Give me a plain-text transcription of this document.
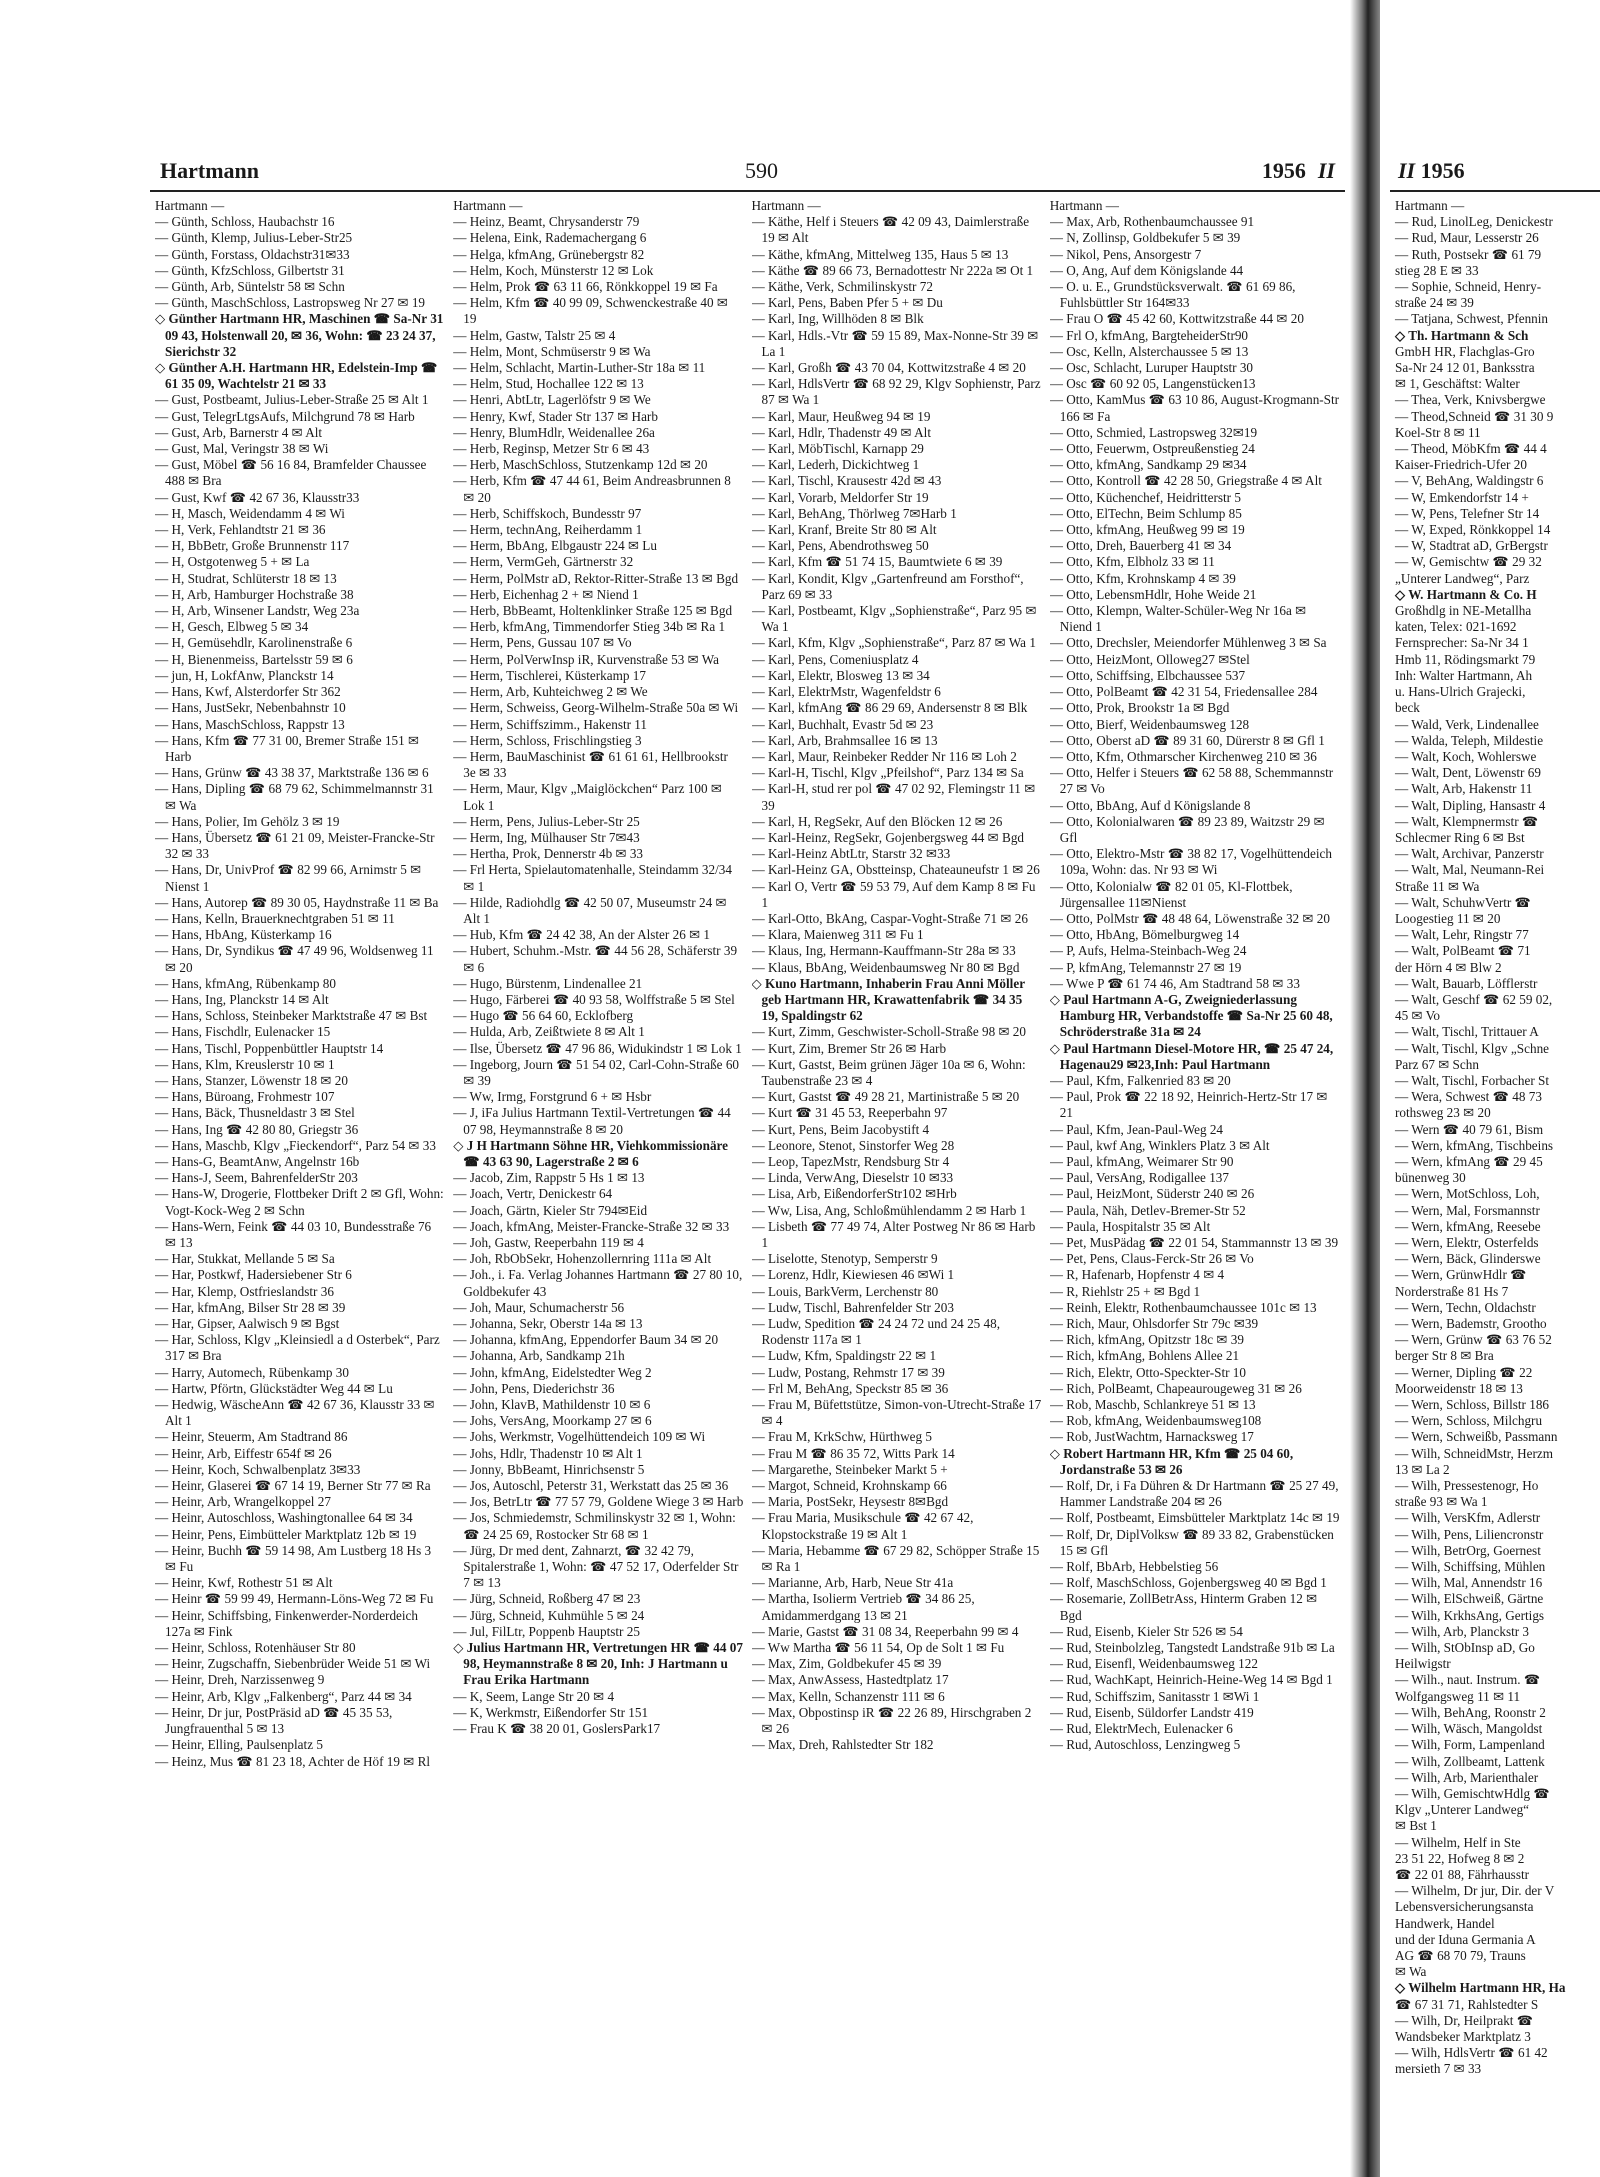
Hartmann	590	1956 II
Hartmann —
— Günth, Schloss, Haubachstr 16
— Günth, Klemp, Julius-Leber-Str25
— Günth, Forstass, Oldachstr31✉33
— Günth, KfzSchloss, Gilbertstr 31
— Günth, Arb, Süntelstr 58 ✉ Schn
— Günth, MaschSchloss, Lastropsweg Nr 27 ✉ 19
◇ Günther Hartmann HR, Maschinen ☎ Sa-Nr 31 09 43, Holstenwall 20, ✉ 36, Wohn: ☎ 23 24 37, Sierichstr 32
◇ Günther A.H. Hartmann HR, Edelstein-Imp ☎ 61 35 09, Wachtelstr 21 ✉ 33
— Gust, Postbeamt, Julius-Leber-Straße 25 ✉ Alt 1
— Gust, TelegrLtgsAufs, Milchgrund 78 ✉ Harb
— Gust, Arb, Barnerstr 4 ✉ Alt
— Gust, Mal, Veringstr 38 ✉ Wi
— Gust, Möbel ☎ 56 16 84, Bramfelder Chaussee 488 ✉ Bra
— Gust, Kwf ☎ 42 67 36, Klausstr33
— H, Masch, Weidendamm 4 ✉ Wi
— H, Verk, Fehlandtstr 21 ✉ 36
— H, BbBetr, Große Brunnenstr 117
— H, Ostgotenweg 5 + ✉ La
— H, Studrat, Schlüterstr 18 ✉ 13
— H, Arb, Hamburger Hochstraße 38
— H, Arb, Winsener Landstr, Weg 23a
— H, Gesch, Elbweg 5 ✉ 34
— H, Gemüsehdlr, Karolinenstraße 6
— H, Bienenmeiss, Bartelsstr 59 ✉ 6
— jun, H, LokfAnw, Planckstr 14
— Hans, Kwf, Alsterdorfer Str 362
— Hans, JustSekr, Nebenbahnstr 10
— Hans, MaschSchloss, Rappstr 13
— Hans, Kfm ☎ 77 31 00, Bremer Straße 151 ✉ Harb
— Hans, Grünw ☎ 43 38 37, Marktstraße 136 ✉ 6
— Hans, Dipling ☎ 68 79 62, Schimmelmannstr 31 ✉ Wa
— Hans, Polier, Im Gehölz 3 ✉ 19
— Hans, Übersetz ☎ 61 21 09, Meister-Francke-Str 32 ✉ 33
— Hans, Dr, UnivProf ☎ 82 99 66, Arnimstr 5 ✉ Nienst 1
— Hans, Autorep ☎ 89 30 05, Haydnstraße 11 ✉ Ba
— Hans, Kelln, Brauerknechtgraben 51 ✉ 11
— Hans, HbAng, Küsterkamp 16
— Hans, Dr, Syndikus ☎ 47 49 96, Woldsenweg 11 ✉ 20
— Hans, kfmAng, Rübenkamp 80
— Hans, Ing, Planckstr 14 ✉ Alt
— Hans, Schloss, Steinbeker Marktstraße 47 ✉ Bst
— Hans, Fischdlr, Eulenacker 15
— Hans, Tischl, Poppenbüttler Hauptstr 14
— Hans, Klm, Kreuslerstr 10 ✉ 1
— Hans, Stanzer, Löwenstr 18 ✉ 20
— Hans, Büroang, Frohmestr 107
— Hans, Bäck, Thusneldastr 3 ✉ Stel
— Hans, Ing ☎ 42 80 80, Griegstr 36
— Hans, Maschb, Klgv „Fieckendorf“, Parz 54 ✉ 33
— Hans-G, BeamtAnw, Angelnstr 16b
— Hans-J, Seem, BahrenfelderStr 203
— Hans-W, Drogerie, Flottbeker Drift 2 ✉ Gfl, Wohn: Vogt-Kock-Weg 2 ✉ Schn
— Hans-Wern, Feink ☎ 44 03 10, Bundesstraße 76 ✉ 13
— Har, Stukkat, Mellande 5 ✉ Sa
— Har, Postkwf, Hadersiebener Str 6
— Har, Klemp, Ostfrieslandstr 36
— Har, kfmAng, Bilser Str 28 ✉ 39
— Har, Gipser, Aalwisch 9 ✉ Bgst
— Har, Schloss, Klgv „Kleinsiedl a d Osterbek“, Parz 317 ✉ Bra
— Harry, Automech, Rübenkamp 30
— Hartw, Pförtn, Glückstädter Weg 44 ✉ Lu
— Hedwig, WäscheAnn ☎ 42 67 36, Klausstr 33 ✉ Alt 1
— Heinr, Steuerm, Am Stadtrand 86
— Heinr, Arb, Eiffestr 654f ✉ 26
— Heinr, Koch, Schwalbenplatz 3✉33
— Heinr, Glaserei ☎ 67 14 19, Berner Str 77 ✉ Ra
— Heinr, Arb, Wrangelkoppel 27
— Heinr, Autoschloss, Washingtonallee 64 ✉ 34
— Heinr, Pens, Eimbütteler Marktplatz 12b ✉ 19
— Heinr, Buchh ☎ 59 14 98, Am Lustberg 18 Hs 3 ✉ Fu
— Heinr, Kwf, Rothestr 51 ✉ Alt
— Heinr ☎ 59 99 49, Hermann-Löns-Weg 72 ✉ Fu
— Heinr, Schiffsbing, Finkenwerder-Norderdeich 127a ✉ Fink
— Heinr, Schloss, Rotenhäuser Str 80
— Heinr, Zugschaffn, Siebenbrüder Weide 51 ✉ Wi
— Heinr, Dreh, Narzissenweg 9
— Heinr, Arb, Klgv „Falkenberg“, Parz 44 ✉ 34
— Heinr, Dr jur, PostPräsid aD ☎ 45 35 53, Jungfrauenthal 5 ✉ 13
— Heinr, Elling, Paulsenplatz 5
— Heinz, Mus ☎ 81 23 18, Achter de Höf 19 ✉ Rl
Hartmann —
— Heinz, Beamt, Chrysanderstr 79
— Helena, Eink, Rademachergang 6
— Helga, kfmAng, Grünebergstr 82
— Helm, Koch, Münsterstr 12 ✉ Lok
— Helm, Prok ☎ 63 11 66, Rönkkoppel 19 ✉ Fa
— Helm, Kfm ☎ 40 99 09, Schwenckestraße 40 ✉ 19
— Helm, Gastw, Talstr 25 ✉ 4
— Helm, Mont, Schmüserstr 9 ✉ Wa
— Helm, Schlacht, Martin-Luther-Str 18a ✉ 11
— Helm, Stud, Hochallee 122 ✉ 13
— Henri, AbtLtr, Lagerlöfstr 9 ✉ We
— Henry, Kwf, Stader Str 137 ✉ Harb
— Henry, BlumHdlr, Weidenallee 26a
— Herb, Reginsp, Metzer Str 6 ✉ 43
— Herb, MaschSchloss, Stutzenkamp 12d ✉ 20
— Herb, Kfm ☎ 47 44 61, Beim Andreasbrunnen 8 ✉ 20
— Herb, Schiffskoch, Bundesstr 97
— Herm, technAng, Reiherdamm 1
— Herm, BbAng, Elbgaustr 224 ✉ Lu
— Herm, VermGeh, Gärtnerstr 32
— Herm, PolMstr aD, Rektor-Ritter-Straße 13 ✉ Bgd
— Herb, Eichenhag 2 + ✉ Niend 1
— Herb, BbBeamt, Holtenklinker Straße 125 ✉ Bgd
— Herb, kfmAng, Timmendorfer Stieg 34b ✉ Ra 1
— Herm, Pens, Gussau 107 ✉ Vo
— Herm, PolVerwInsp iR, Kurvenstraße 53 ✉ Wa
— Herm, Tischlerei, Küsterkamp 17
— Herm, Arb, Kuhteichweg 2 ✉ We
— Herm, Schweiss, Georg-Wilhelm-Straße 50a ✉ Wi
— Herm, Schiffszimm., Hakenstr 11
— Herm, Schloss, Frischlingstieg 3
— Herm, BauMaschinist ☎ 61 61 61, Hellbrookstr 3e ✉ 33
— Herm, Maur, Klgv „Maiglöckchen“ Parz 100 ✉ Lok 1
— Herm, Pens, Julius-Leber-Str 25
— Herm, Ing, Mülhauser Str 7✉43
— Hertha, Prok, Dennerstr 4b ✉ 33
— Frl Herta, Spielautomatenhalle, Steindamm 32/34 ✉ 1
— Hilde, Radiohdlg ☎ 42 50 07, Museumstr 24 ✉ Alt 1
— Hub, Kfm ☎ 24 42 38, An der Alster 26 ✉ 1
— Hubert, Schuhm.-Mstr. ☎ 44 56 28, Schäferstr 39 ✉ 6
— Hugo, Bürstenm, Lindenallee 21
— Hugo, Färberei ☎ 40 93 58, Wolffstraße 5 ✉ Stel
— Hugo ☎ 56 64 60, Ecklofberg
— Hulda, Arb, Zeißtwiete 8 ✉ Alt 1
— Ilse, Übersetz ☎ 47 96 86, Widukindstr 1 ✉ Lok 1
— Ingeborg, Journ ☎ 51 54 02, Carl-Cohn-Straße 60 ✉ 39
— Ww, Irmg, Forstgrund 6 + ✉ Hsbr
— J, iFa Julius Hartmann Textil-Vertretungen ☎ 44 07 98, Heymannstraße 8 ✉ 20
◇ J H Hartmann Söhne HR, Viehkommissionäre ☎ 43 63 90, Lagerstraße 2 ✉ 6
— Jacob, Zim, Rappstr 5 Hs 1 ✉ 13
— Joach, Vertr, Denickestr 64
— Joach, Gärtn, Kieler Str 794✉Eid
— Joach, kfmAng, Meister-Francke-Straße 32 ✉ 33
— Joh, Gastw, Reeperbahn 119 ✉ 4
— Joh, RbObSekr, Hohenzollernring 111a ✉ Alt
— Joh., i. Fa. Verlag Johannes Hartmann ☎ 27 80 10, Goldbekufer 43
— Joh, Maur, Schumacherstr 56
— Johanna, Sekr, Oberstr 14a ✉ 13
— Johanna, kfmAng, Eppendorfer Baum 34 ✉ 20
— Johanna, Arb, Sandkamp 21h
— John, kfmAng, Eidelstedter Weg 2
— John, Pens, Diederichstr 36
— John, KlavB, Mathildenstr 10 ✉ 6
— Johs, VersAng, Moorkamp 27 ✉ 6
— Johs, Werkmstr, Vogelhüttendeich 109 ✉ Wi
— Johs, Hdlr, Thadenstr 10 ✉ Alt 1
— Jonny, BbBeamt, Hinrichsenstr 5
— Jos, Autoschl, Peterstr 31, Werkstatt das 25 ✉ 36
— Jos, BetrLtr ☎ 77 57 79, Goldene Wiege 3 ✉ Harb
— Jos, Schmiedemstr, Schmilinskystr 32 ✉ 1, Wohn: ☎ 24 25 69, Rostocker Str 68 ✉ 1
— Jürg, Dr med dent, Zahnarzt, ☎ 32 42 79, Spitalerstraße 1, Wohn: ☎ 47 52 17, Oderfelder Str 7 ✉ 13
— Jürg, Schneid, Roßberg 47 ✉ 23
— Jürg, Schneid, Kuhmühle 5 ✉ 24
— Jul, FilLtr, Poppenb Hauptstr 25
◇ Julius Hartmann HR, Vertretungen HR ☎ 44 07 98, Heymannstraße 8 ✉ 20, Inh: J Hartmann u Frau Erika Hartmann
— K, Seem, Lange Str 20 ✉ 4
— K, Werkmstr, Eißendorfer Str 151
— Frau K ☎ 38 20 01, GoslersPark17
Hartmann —
— Käthe, Helf i Steuers ☎ 42 09 43, Daimlerstraße 19 ✉ Alt
— Käthe, kfmAng, Mittelweg 135, Haus 5 ✉ 13
— Käthe ☎ 89 66 73, Bernadottestr Nr 222a ✉ Ot 1
— Käthe, Verk, Schmilinskystr 72
— Karl, Pens, Baben Pfer 5 + ✉ Du
— Karl, Ing, Willhöden 8 ✉ Blk
— Karl, Hdls.-Vtr ☎ 59 15 89, Max-Nonne-Str 39 ✉ La 1
— Karl, Großh ☎ 43 70 04, Kottwitzstraße 4 ✉ 20
— Karl, HdlsVertr ☎ 68 92 29, Klgv Sophienstr, Parz 87 ✉ Wa 1
— Karl, Maur, Heußweg 94 ✉ 19
— Karl, Hdlr, Thadenstr 49 ✉ Alt
— Karl, MöbTischl, Karnapp 29
— Karl, Lederh, Dickichtweg 1
— Karl, Tischl, Krausestr 42d ✉ 43
— Karl, Vorarb, Meldorfer Str 19
— Karl, BehAng, Thörlweg 7✉Harb 1
— Karl, Kranf, Breite Str 80 ✉ Alt
— Karl, Pens, Abendrothsweg 50
— Karl, Kfm ☎ 51 74 15, Baumtwiete 6 ✉ 39
— Karl, Kondit, Klgv „Gartenfreund am Forsthof“, Parz 69 ✉ 33
— Karl, Postbeamt, Klgv „Sophienstraße“, Parz 95 ✉ Wa 1
— Karl, Kfm, Klgv „Sophienstraße“, Parz 87 ✉ Wa 1
— Karl, Pens, Comeniusplatz 4
— Karl, Elektr, Blosweg 13 ✉ 34
— Karl, ElektrMstr, Wagenfeldstr 6
— Karl, kfmAng ☎ 86 29 69, Andersenstr 8 ✉ Blk
— Karl, Buchhalt, Evastr 5d ✉ 23
— Karl, Arb, Brahmsallee 16 ✉ 13
— Karl, Maur, Reinbeker Redder Nr 116 ✉ Loh 2
— Karl-H, Tischl, Klgv „Pfeilshof“, Parz 134 ✉ Sa
— Karl-H, stud rer pol ☎ 47 02 92, Flemingstr 11 ✉ 39
— Karl, H, RegSekr, Auf den Blöcken 12 ✉ 26
— Karl-Heinz, RegSekr, Gojenbergsweg 44 ✉ Bgd
— Karl-Heinz AbtLtr, Starstr 32 ✉33
— Karl-Heinz GA, Obstteinsp, Chateauneufstr 1 ✉ 26
— Karl O, Vertr ☎ 59 53 79, Auf dem Kamp 8 ✉ Fu 1
— Karl-Otto, BkAng, Caspar-Voght-Straße 71 ✉ 26
— Klara, Maienweg 311 ✉ Fu 1
— Klaus, Ing, Hermann-Kauffmann-Str 28a ✉ 33
— Klaus, BbAng, Weidenbaumsweg Nr 80 ✉ Bgd
◇ Kuno Hartmann, Inhaberin Frau Anni Möller geb Hartmann HR, Krawattenfabrik ☎ 34 35 19, Spaldingstr 62
— Kurt, Zimm, Geschwister-Scholl-Straße 98 ✉ 20
— Kurt, Zim, Bremer Str 26 ✉ Harb
— Kurt, Gastst, Beim grünen Jäger 10a ✉ 6, Wohn: Taubenstraße 23 ✉ 4
— Kurt, Gastst ☎ 49 28 21, Martinistraße 5 ✉ 20
— Kurt ☎ 31 45 53, Reeperbahn 97
— Kurt, Pens, Beim Jacobystift 4
— Leonore, Stenot, Sinstorfer Weg 28
— Leop, TapezMstr, Rendsburg Str 4
— Linda, VerwAng, Dieselstr 10 ✉33
— Lisa, Arb, EißendorferStr102 ✉Hrb
— Ww, Lisa, Ang, Schloßmühlendamm 2 ✉ Harb 1
— Lisbeth ☎ 77 49 74, Alter Postweg Nr 86 ✉ Harb 1
— Liselotte, Stenotyp, Semperstr 9
— Lorenz, Hdlr, Kiewiesen 46 ✉Wi 1
— Louis, BarkVerm, Lerchenstr 80
— Ludw, Tischl, Bahrenfelder Str 203
— Ludw, Spedition ☎ 24 24 72 und 24 25 48, Rodenstr 117a ✉ 1
— Ludw, Kfm, Spaldingstr 22 ✉ 1
— Ludw, Postang, Rehmstr 17 ✉ 39
— Frl M, BehAng, Speckstr 85 ✉ 36
— Frau M, Büfettstütze, Simon-von-Utrecht-Straße 17 ✉ 4
— Frau M, KrkSchw, Hürthweg 5
— Frau M ☎ 86 35 72, Witts Park 14
— Margarethe, Steinbeker Markt 5 +
— Margot, Schneid, Krohnskamp 66
— Maria, PostSekr, Heysestr 8✉Bgd
— Frau Maria, Musikschule ☎ 42 67 42, Klopstockstraße 19 ✉ Alt 1
— Maria, Hebamme ☎ 67 29 82, Schöpper Straße 15 ✉ Ra 1
— Marianne, Arb, Harb, Neue Str 41a
— Martha, Isolierm Vertrieb ☎ 34 86 25, Amidammerdgang 13 ✉ 21
— Marie, Gastst ☎ 31 08 34, Reeperbahn 99 ✉ 4
— Ww Martha ☎ 56 11 54, Op de Solt 1 ✉ Fu
— Max, Zim, Goldbekufer 45 ✉ 39
— Max, AnwAssess, Hastedtplatz 17
— Max, Kelln, Schanzenstr 111 ✉ 6
— Max, Obpostinsp iR ☎ 22 26 89, Hirschgraben 2 ✉ 26
— Max, Dreh, Rahlstedter Str 182
Hartmann —
— Max, Arb, Rothenbaumchaussee 91
— N, Zollinsp, Goldbekufer 5 ✉ 39
— Nikol, Pens, Ansorgestr 7
— O, Ang, Auf dem Königslande 44
— O. u. E., Grundstücksverwalt. ☎ 61 69 86, Fuhlsbüttler Str 164✉33
— Frau O ☎ 45 42 60, Kottwitzstraße 44 ✉ 20
— Frl O, kfmAng, BargteheiderStr90
— Osc, Kelln, Alsterchaussee 5 ✉ 13
— Osc, Schlacht, Luruper Hauptstr 30
— Osc ☎ 60 92 05, Langenstücken13
— Otto, KamMus ☎ 63 10 86, August-Krogmann-Str 166 ✉ Fa
— Otto, Schmied, Lastropsweg 32✉19
— Otto, Feuerwm, Ostpreußenstieg 24
— Otto, kfmAng, Sandkamp 29 ✉34
— Otto, Kontroll ☎ 42 28 50, Griegstraße 4 ✉ Alt
— Otto, Küchenchef, Heidritterstr 5
— Otto, ElTechn, Beim Schlump 85
— Otto, kfmAng, Heußweg 99 ✉ 19
— Otto, Dreh, Bauerberg 41 ✉ 34
— Otto, Kfm, Elbholz 33 ✉ 11
— Otto, Kfm, Krohnskamp 4 ✉ 39
— Otto, LebensmHdlr, Hohe Weide 21
— Otto, Klempn, Walter-Schüler-Weg Nr 16a ✉ Niend 1
— Otto, Drechsler, Meiendorfer Mühlenweg 3 ✉ Sa
— Otto, HeizMont, Olloweg27 ✉Stel
— Otto, Schiffsing, Elbchaussee 537
— Otto, PolBeamt ☎ 42 31 54, Friedensallee 284
— Otto, Prok, Brookstr 1a ✉ Bgd
— Otto, Bierf, Weidenbaumsweg 128
— Otto, Oberst aD ☎ 89 31 60, Dürerstr 8 ✉ Gfl 1
— Otto, Kfm, Othmarscher Kirchenweg 210 ✉ 36
— Otto, Helfer i Steuers ☎ 62 58 88, Schemmannstr 27 ✉ Vo
— Otto, BbAng, Auf d Königslande 8
— Otto, Kolonialwaren ☎ 89 23 89, Waitzstr 29 ✉ Gfl
— Otto, Elektro-Mstr ☎ 38 82 17, Vogelhüttendeich 109a, Wohn: das. Nr 93 ✉ Wi
— Otto, Kolonialw ☎ 82 01 05, Kl-Flottbek, Jürgensallee 11✉Nienst
— Otto, PolMstr ☎ 48 48 64, Löwenstraße 32 ✉ 20
— Otto, HbAng, Bömelburgweg 14
— P, Aufs, Helma-Steinbach-Weg 24
— P, kfmAng, Telemannstr 27 ✉ 19
— Wwe P ☎ 61 74 46, Am Stadtrand 58 ✉ 33
◇ Paul Hartmann A-G, Zweigniederlassung Hamburg HR, Verbandstoffe ☎ Sa-Nr 25 60 48, Schröderstraße 31a ✉ 24
◇ Paul Hartmann Diesel-Motore HR, ☎ 25 47 24, Hagenau29 ✉23,Inh: Paul Hartmann
— Paul, Kfm, Falkenried 83 ✉ 20
— Paul, Prok ☎ 22 18 92, Heinrich-Hertz-Str 17 ✉ 21
— Paul, Kfm, Jean-Paul-Weg 24
— Paul, kwf Ang, Winklers Platz 3 ✉ Alt
— Paul, kfmAng, Weimarer Str 90
— Paul, VersAng, Rodigallee 137
— Paul, HeizMont, Süderstr 240 ✉ 26
— Paula, Näh, Detlev-Bremer-Str 52
— Paula, Hospitalstr 35 ✉ Alt
— Pet, MusPädag ☎ 22 01 54, Stammannstr 13 ✉ 39
— Pet, Pens, Claus-Ferck-Str 26 ✉ Vo
— R, Hafenarb, Hopfenstr 4 ✉ 4
— R, Riehlstr 25 + ✉ Bgd 1
— Reinh, Elektr, Rothenbaumchaussee 101c ✉ 13
— Rich, Maur, Ohlsdorfer Str 79c ✉39
— Rich, kfmAng, Opitzstr 18c ✉ 39
— Rich, kfmAng, Bohlens Allee 21
— Rich, Elektr, Otto-Speckter-Str 10
— Rich, PolBeamt, Chapeaurougeweg 31 ✉ 26
— Rob, Maschb, Schlankreye 51 ✉ 13
— Rob, kfmAng, Weidenbaumsweg108
— Rob, JustWachtm, Harnacksweg 17
◇ Robert Hartmann HR, Kfm ☎ 25 04 60, Jordanstraße 53 ✉ 26
— Rolf, Dr, i Fa Dühren & Dr Hartmann ☎ 25 27 49, Hammer Landstraße 204 ✉ 26
— Rolf, Postbeamt, Eimsbütteler Marktplatz 14c ✉ 19
— Rolf, Dr, DiplVolksw ☎ 89 33 82, Grabenstücken 15 ✉ Gfl
— Rolf, BbArb, Hebbelstieg 56
— Rolf, MaschSchloss, Gojenbergsweg 40 ✉ Bgd 1
— Rosemarie, ZollBetrAss, Hinterm Graben 12 ✉ Bgd
— Rud, Eisenb, Kieler Str 526 ✉ 54
— Rud, Steinbolzleg, Tangstedt Landstraße 91b ✉ La
— Rud, Eisenfl, Weidenbaumsweg 122
— Rud, WachKapt, Heinrich-Heine-Weg 14 ✉ Bgd 1
— Rud, Schiffszim, Sanitasstr 1 ✉Wi 1
— Rud, Eisenb, Süldorfer Landstr 419
— Rud, ElektrMech, Eulenacker 6
— Rud, Autoschloss, Lenzingweg 5
II 1956
Hartmann —
— Rud, LinolLeg, Denickestr
— Rud, Maur, Lesserstr 26
— Ruth, Postsekr ☎ 61 79
stieg 28 E ✉ 33
— Sophie, Schneid, Henry-
straße 24 ✉ 39
— Tatjana, Schwest, Pfennin
◇ Th. Hartmann & Sch
GmbH HR, Flachglas-Gro
Sa-Nr 24 12 01, Banksstra
✉ 1, Geschäftst: Walter
— Thea, Verk, Knivsbergwe
— Theod,Schneid ☎ 31 30 9
Koel-Str 8 ✉ 11
— Theod, MöbKfm ☎ 44 4
Kaiser-Friedrich-Ufer 20
— V, BehAng, Waldingstr 6
— W, Emkendorfstr 14 +
— W, Pens, Telefner Str 14
— W, Exped, Rönkkoppel 14
— W, Stadtrat aD, GrBergstr
— W, Gemischtw ☎ 29 32
„Unterer Landweg“, Parz
◇ W. Hartmann & Co. H
Großhdlg in NE-Metallha
katen, Telex: 021-1692
Fernsprecher: Sa-Nr 34 1
Hmb 11, Rödingsmarkt 79
Inh: Walter Hartmann, Ah
u. Hans-Ulrich Grajecki,
beck
— Wald, Verk, Lindenallee
— Walda, Teleph, Mildestie
— Walt, Koch, Wohlerswe
— Walt, Dent, Löwenstr 69
— Walt, Arb, Hakenstr 11
— Walt, Dipling, Hansastr 4
— Walt, Klempnermstr ☎
Schlecmer Ring 6 ✉ Bst
— Walt, Archivar, Panzerstr
— Walt, Mal, Neumann-Rei
Straße 11 ✉ Wa
— Walt, SchuhwVertr ☎
Loogestieg 11 ✉ 20
— Walt, Lehr, Ringstr 77
— Walt, PolBeamt ☎ 71
der Hörn 4 ✉ Blw 2
— Walt, Bauarb, Löfflerstr
— Walt, Geschf ☎ 62 59 02,
45 ✉ Vo
— Walt, Tischl, Trittauer A
— Walt, Tischl, Klgv „Schne
Parz 67 ✉ Schn
— Walt, Tischl, Forbacher St
— Wera, Schwest ☎ 48 73
rothsweg 23 ✉ 20
— Wern ☎ 40 79 61, Bism
— Wern, kfmAng, Tischbeins
— Wern, kfmAng ☎ 29 45
bünenweg 30
— Wern, MotSchloss, Loh,
— Wern, Mal, Forsmannstr
— Wern, kfmAng, Reesebe
— Wern, Elektr, Osterfelds
— Wern, Bäck, Glinderswe
— Wern, GrünwHdlr ☎
Norderstraße 81 Hs 7
— Wern, Techn, Oldachstr
— Wern, Bademstr, Grootho
— Wern, Grünw ☎ 63 76 52
berger Str 8 ✉ Bra
— Werner, Dipling ☎ 22
Moorweidenstr 18 ✉ 13
— Wern, Schloss, Billstr 186
— Wern, Schloss, Milchgru
— Wern, Schweißb, Passmann
— Wilh, SchneidMstr, Herzm
13 ✉ La 2
— Wilh, Pressestenogr, Ho
straße 93 ✉ Wa 1
— Wilh, VersKfm, Adlerstr
— Wilh, Pens, Liliencronstr
— Wilh, BetrOrg, Goernest
— Wilh, Schiffsing, Mühlen
— Wilh, Mal, Annendstr 16
— Wilh, ElSchweiß, Gärtne
— Wilh, KrkhsAng, Gertigs
— Wilh, Arb, Planckstr 3
— Wilh, StObInsp aD, Go
Heilwigstr
— Wilh., naut. Instrum. ☎
Wolfgangsweg 11 ✉ 11
— Wilh, BehAng, Roonstr 2
— Wilh, Wäsch, Mangoldst
— Wilh, Form, Lampenland
— Wilh, Zollbeamt, Lattenk
— Wilh, Arb, Marienthaler
— Wilh, GemischtwHdlg ☎
Klgv „Unterer Landweg“
✉ Bst 1
— Wilhelm, Helf in Ste
23 51 22, Hofweg 8 ✉ 2
☎ 22 01 88, Fährhausstr
— Wilhelm, Dr jur, Dir. der V
Lebensversicherungsansta
Handwerk, Handel
und der Iduna Germania A
AG ☎ 68 70 79, Trauns
✉ Wa
◇ Wilhelm Hartmann HR, Ha
☎ 67 31 71, Rahlstedter S
— Wilh, Dr, Heilprakt ☎
Wandsbeker Marktplatz 3
— Wilh, HdlsVertr ☎ 61 42
mersieth 7 ✉ 33
